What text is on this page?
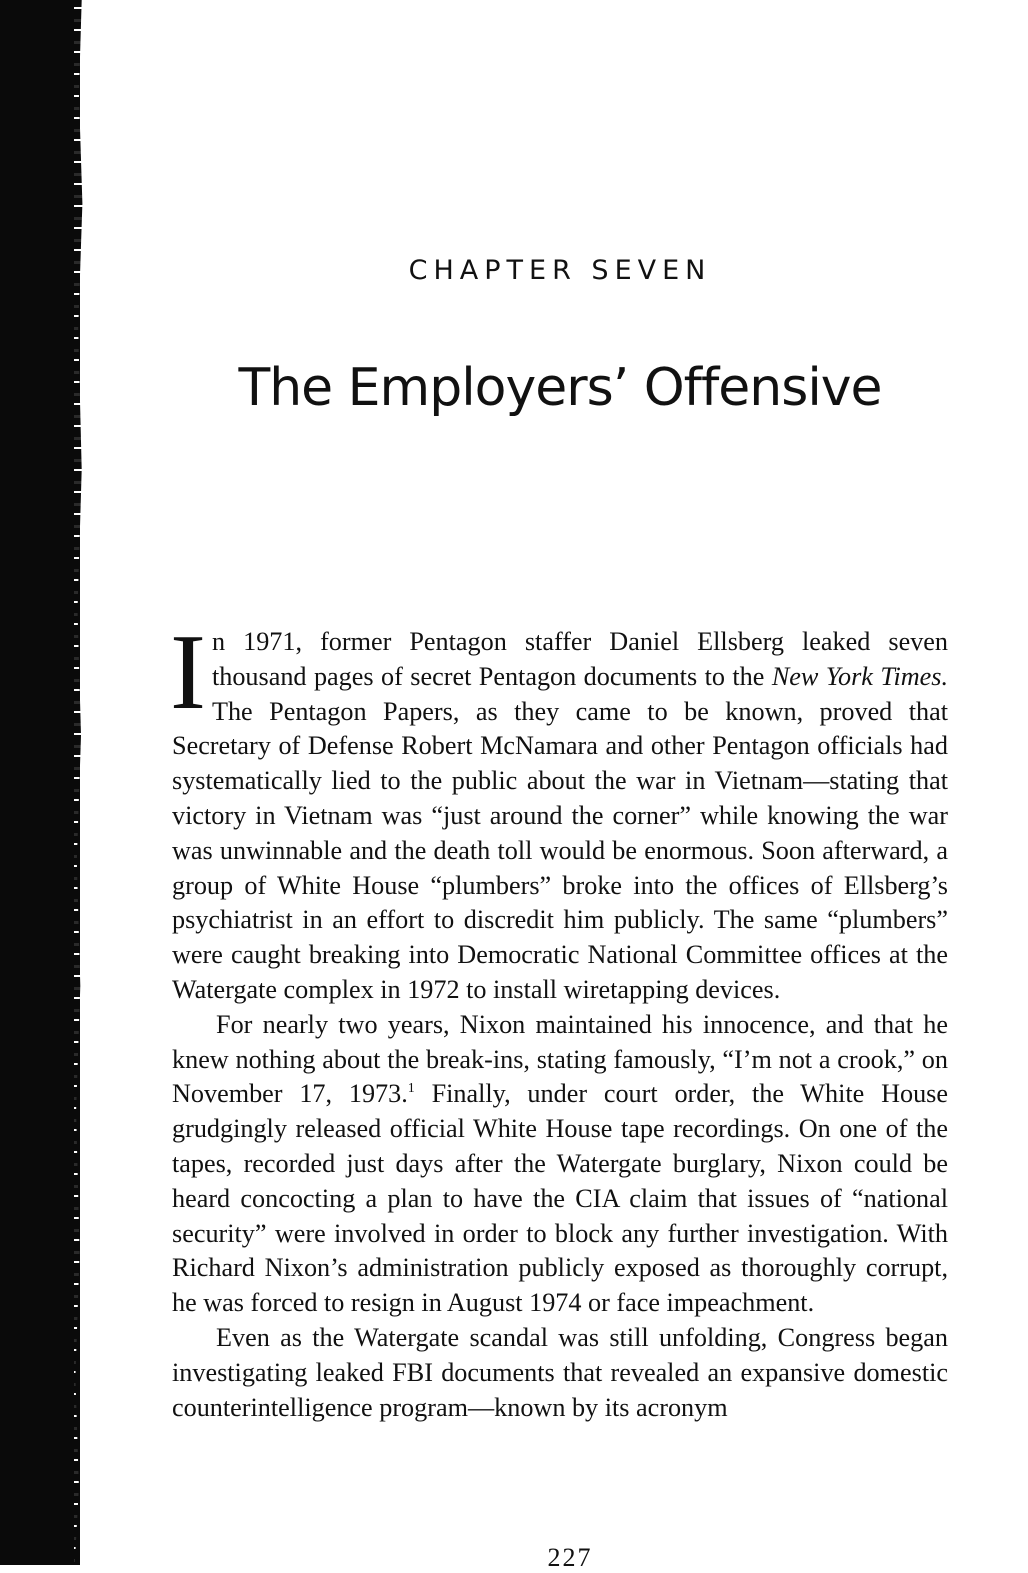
CHAPTER SEVEN
The Employers’ Offensive

In 1971, former Pentagon staffer Daniel Ellsberg leaked seven thousand pages of secret Pentagon documents to the New York Times. The Pentagon Papers, as they came to be known, proved that Secretary of Defense Robert McNamara and other Pentagon officials had systematically lied to the public about the war in Vietnam—stating that victory in Vietnam was “just around the corner” while knowing the war was unwinnable and the death toll would be enormous. Soon afterward, a group of White House “plumbers” broke into the offices of Ellsberg’s psychiatrist in an effort to discredit him publicly. The same “plumbers” were caught breaking into Democratic National Committee offices at the Watergate complex in 1972 to install wiretapping devices.

For nearly two years, Nixon maintained his innocence, and that he knew nothing about the break-ins, stating famously, “I’m not a crook,” on November 17, 1973.$^1$ Finally, under court order, the White House grudgingly released official White House tape recordings. On one of the tapes, recorded just days after the Watergate burglary, Nixon could be heard concocting a plan to have the CIA claim that issues of “national security” were involved in order to block any further investigation. With Richard Nixon’s administration publicly exposed as thoroughly corrupt, he was forced to resign in August 1974 or face impeachment.

Even as the Watergate scandal was still unfolding, Congress began investigating leaked FBI documents that revealed an expansive domestic counterintelligence program—known by its acronym

227
